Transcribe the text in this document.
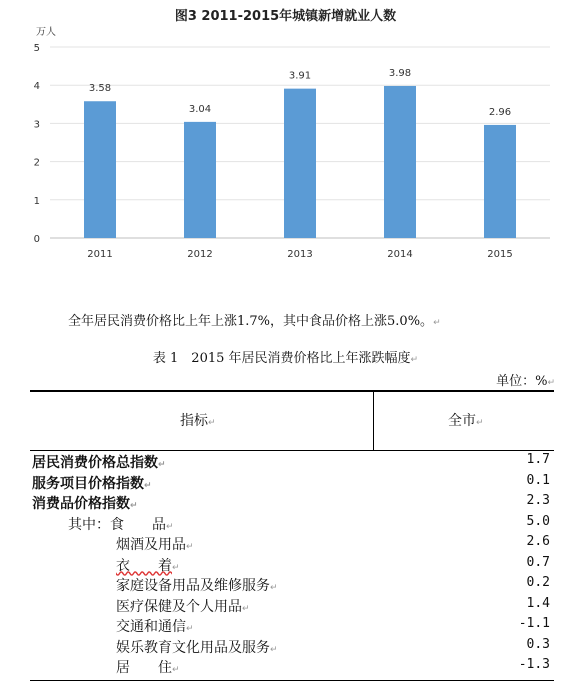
万人
0
1
2
3
4
5
3.58
3.04
3.91	3.98
2.96
2011	2012	2013	2014	2015
图3 2011-2015年城镇新增就业人数
全年居民消费价格比上年上涨1.7%，其中食品价格上涨5.0%。↵
表 1　2015 年居民消费价格比上年涨跌幅度↵
单位：%↵
指标↵	全市↵
居民消费价格总指数↵	1.7
服务项目价格指数↵	0.1
消费品价格指数↵	2.3
其中：食　　品↵	5.0
烟酒及用品↵	2.6
衣　　着↵	0.7
家庭设备用品及维修服务↵	0.2
医疗保健及个人用品↵	1.4
交通和通信↵	-1.1
娱乐教育文化用品及服务↵	0.3
居　　住↵	-1.3
